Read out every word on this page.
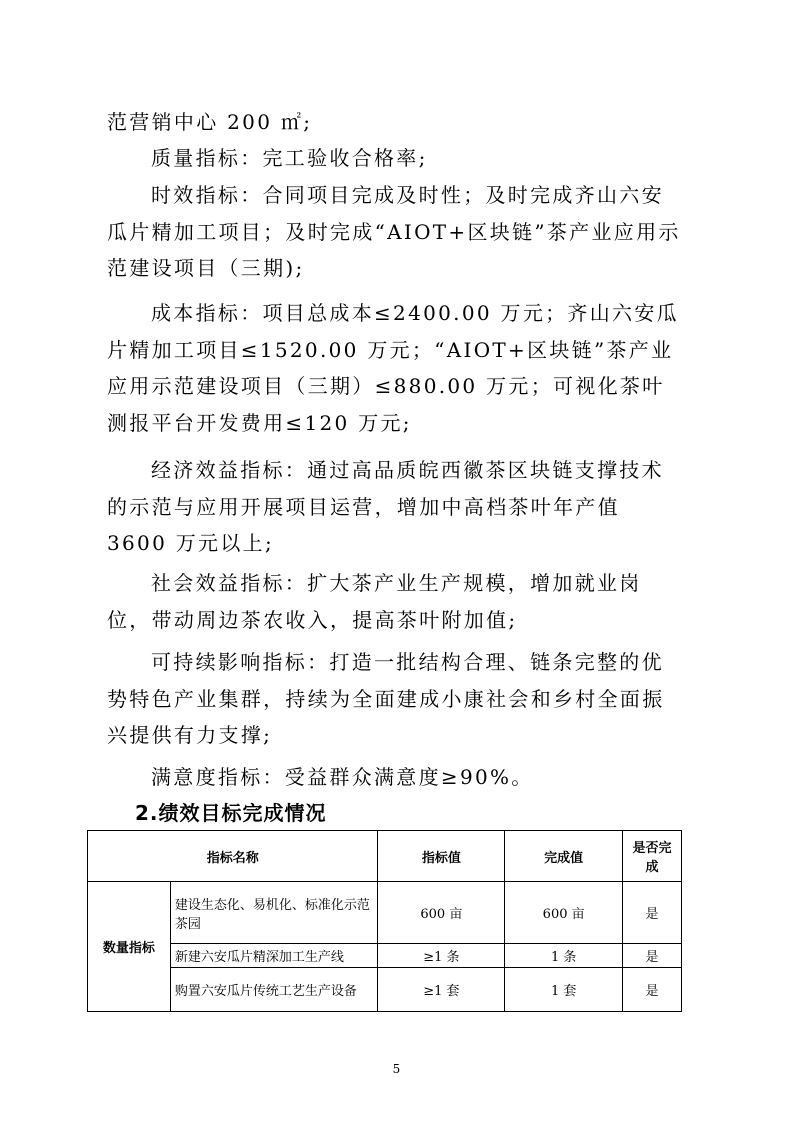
范营销中心 200 ㎡;

质量指标：完工验收合格率;

时效指标：合同项目完成及时性；及时完成齐山六安瓜片精加工项目；及时完成“AIOT+区块链”茶产业应用示范建设项目（三期);

成本指标：项目总成本≤2400.00 万元；齐山六安瓜片精加工项目≤1520.00 万元；“AIOT+区块链”茶产业应用示范建设项目（三期）≤880.00 万元；可视化茶叶测报平台开发费用≤120 万元;

经济效益指标：通过高品质皖西徽茶区块链支撑技术的示范与应用开展项目运营，增加中高档茶叶年产值 3600 万元以上;

社会效益指标：扩大茶产业生产规模，增加就业岗位，带动周边茶农收入，提高茶叶附加值;

可持续影响指标：打造一批结构合理、链条完整的优势特色产业集群，持续为全面建成小康社会和乡村全面振兴提供有力支撑;

满意度指标：受益群众满意度≥90%。

2.绩效目标完成情况

指标名称		指标值	完成值	是否完成
数量指标	建设生态化、易机化、标准化示范茶园	600 亩	600 亩	是
	新建六安瓜片精深加工生产线	≥1 条	1 条	是
	购置六安瓜片传统工艺生产设备	≥1 套	1 套	是
5
